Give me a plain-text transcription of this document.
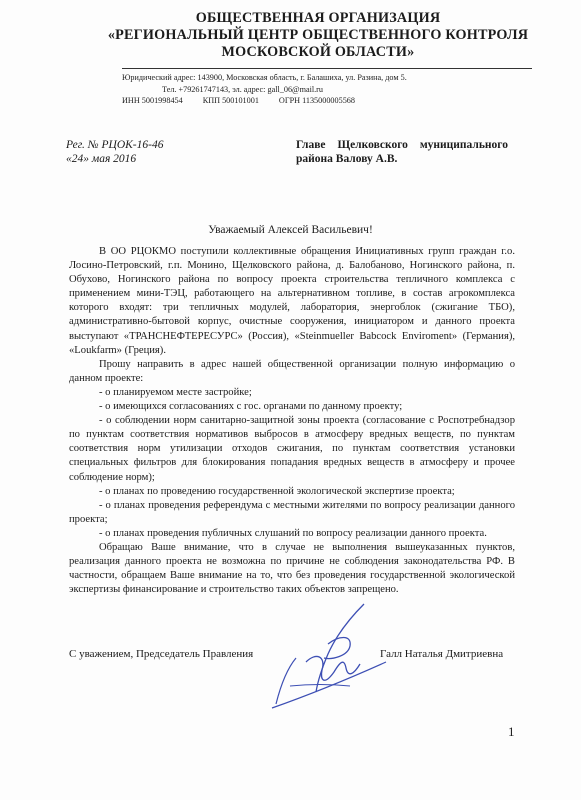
ОБЩЕСТВЕННАЯ ОРГАНИЗАЦИЯ
«РЕГИОНАЛЬНЫЙ ЦЕНТР ОБЩЕСТВЕННОГО КОНТРОЛЯ
МОСКОВСКОЙ ОБЛАСТИ»
Юридический адрес: 143900, Московская область, г. Балашиха, ул. Разина, дом 5.
Тел. +79261747143, эл. адрес: gall_06@mail.ru
ИНН 5001998454 КПП 500101001 ОГРН 1135000005568
Рег. № РЦОК-16-46
«24» мая 2016
Главе Щелковского муниципального района Валову А.В.
Уважаемый Алексей Васильевич!

В ОО РЦОКМО поступили коллективные обращения Инициативных групп граждан г.о. Лосино-Петровский, г.п. Монино, Щелковского района, д. Балобаново, Ногинского района, п. Обухово, Ногинского района по вопросу проекта строительства тепличного комплекса с применением мини-ТЭЦ, работающего на альтернативном топливе, в состав агрокомплекса которого входят: три тепличных модулей, лаборатория, энергоблок (сжигание ТБО), административно-бытовой корпус, очистные сооружения, инициатором и данного проекта выступают «ТРАНСНЕФТЕРЕСУРС» (Россия), «Steinmueller Babcock Enviroment» (Германия), «Loukfarm» (Греция).

Прошу направить в адрес нашей общественной организации полную информацию о данном проекте:

- о планируемом месте застройке;

- о имеющихся согласованиях с гос. органами по данному проекту;

- о соблюдении норм санитарно-защитной зоны проекта (согласование с Роспотребнадзор по пунктам соответствия нормативов выбросов в атмосферу вредных веществ, по пунктам соответствия норм утилизации отходов сжигания, по пунктам соответствия установки специальных фильтров для блокирования попадания вредных веществ в атмосферу и прочее соблюдение норм);

- о планах по проведению государственной экологической экспертизе проекта;

- о планах проведения референдума с местными жителями по вопросу реализации данного проекта;

- о планах проведения публичных слушаний по вопросу реализации данного проекта.

Обращаю Ваше внимание, что в случае не выполнения вышеуказанных пунктов, реализация данного проекта не возможна по причине не соблюдения законодательства РФ. В частности, обращаем Ваше внимание на то, что без проведения государственной экологической экспертизы финансирование и строительство таких объектов запрещено.

С уважением, Председатель Правления	Галл Наталья Дмитриевна
1
